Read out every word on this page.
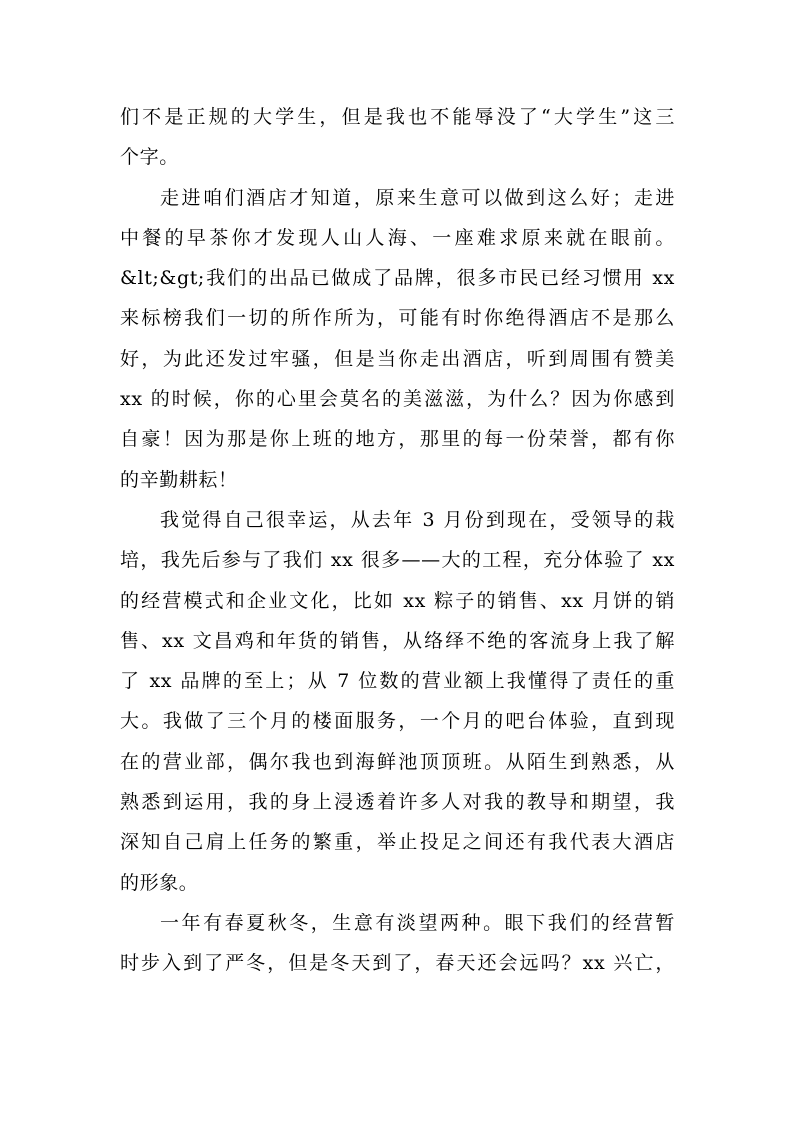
们不是正规的大学生，但是我也不能辱没了“大学生”这三
个字。
走进咱们酒店才知道，原来生意可以做到这么好；走进
中餐的早茶你才发现人山人海、一座难求原来就在眼前。
&lt;&gt;我们的出品已做成了品牌，很多市民已经习惯用 xx
来标榜我们一切的所作所为，可能有时你绝得酒店不是那么
好，为此还发过牢骚，但是当你走出酒店，听到周围有赞美
xx 的时候，你的心里会莫名的美滋滋，为什么？因为你感到
自豪！因为那是你上班的地方，那里的每一份荣誉，都有你
的辛勤耕耘！
我觉得自己很幸运，从去年 3 月份到现在，受领导的栽
培，我先后参与了我们 xx 很多——大的工程，充分体验了 xx
的经营模式和企业文化，比如 xx 粽子的销售、xx 月饼的销
售、xx 文昌鸡和年货的销售，从络绎不绝的客流身上我了解
了 xx 品牌的至上；从 7 位数的营业额上我懂得了责任的重
大。我做了三个月的楼面服务，一个月的吧台体验，直到现
在的营业部，偶尔我也到海鲜池顶顶班。从陌生到熟悉，从
熟悉到运用，我的身上浸透着许多人对我的教导和期望，我
深知自己肩上任务的繁重，举止投足之间还有我代表大酒店
的形象。
一年有春夏秋冬，生意有淡望两种。眼下我们的经营暂
时步入到了严冬，但是冬天到了，春天还会远吗？xx 兴亡，
